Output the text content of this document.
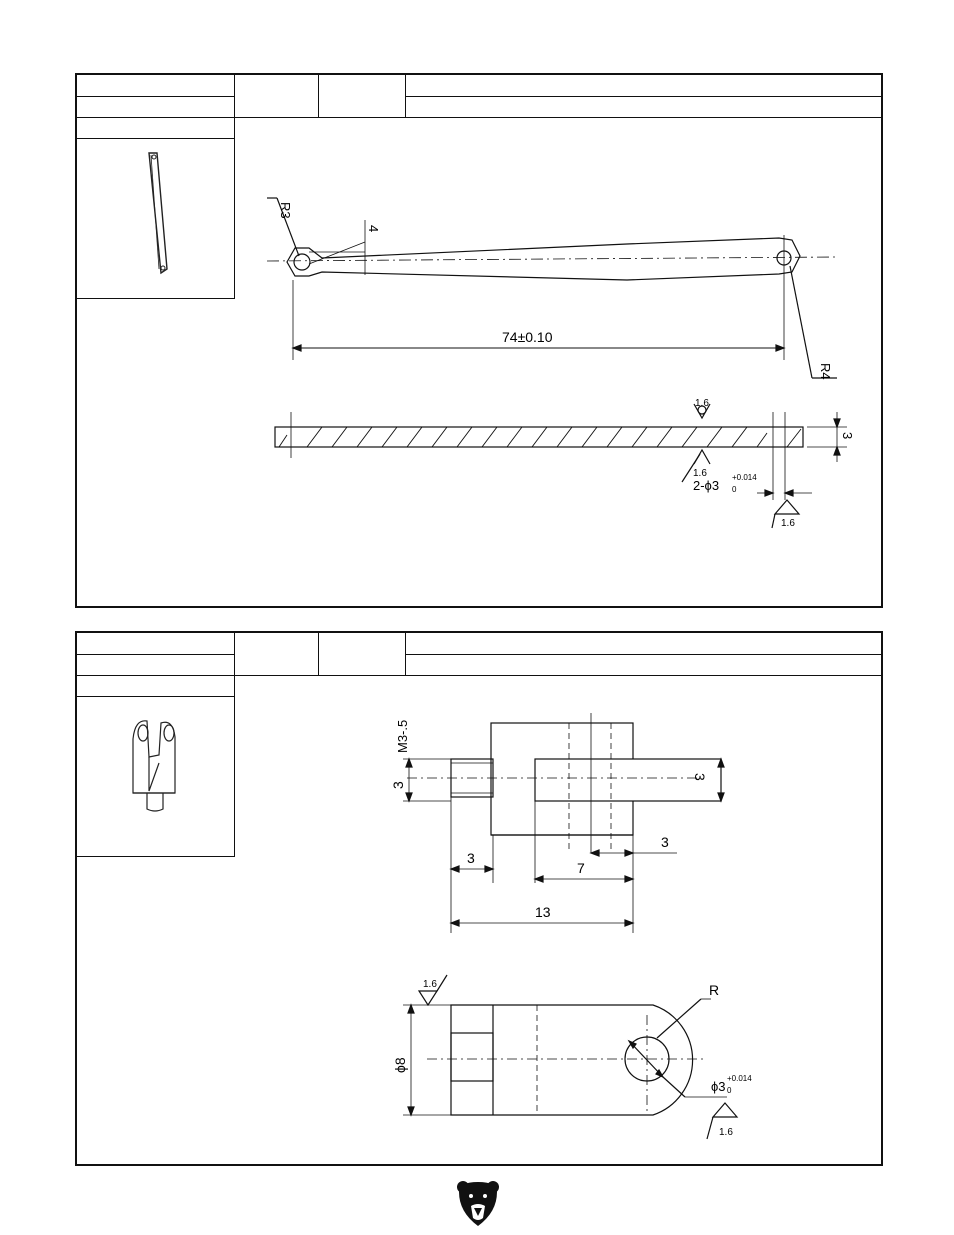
R3
4
74±0.10
R4
1.6
1.6
3
2-ϕ3
+0.014
0
1.6
M3-.5
3
3
3
3
7
13
1.6	R
ϕ8
ϕ3
+0.014
0
1.6
